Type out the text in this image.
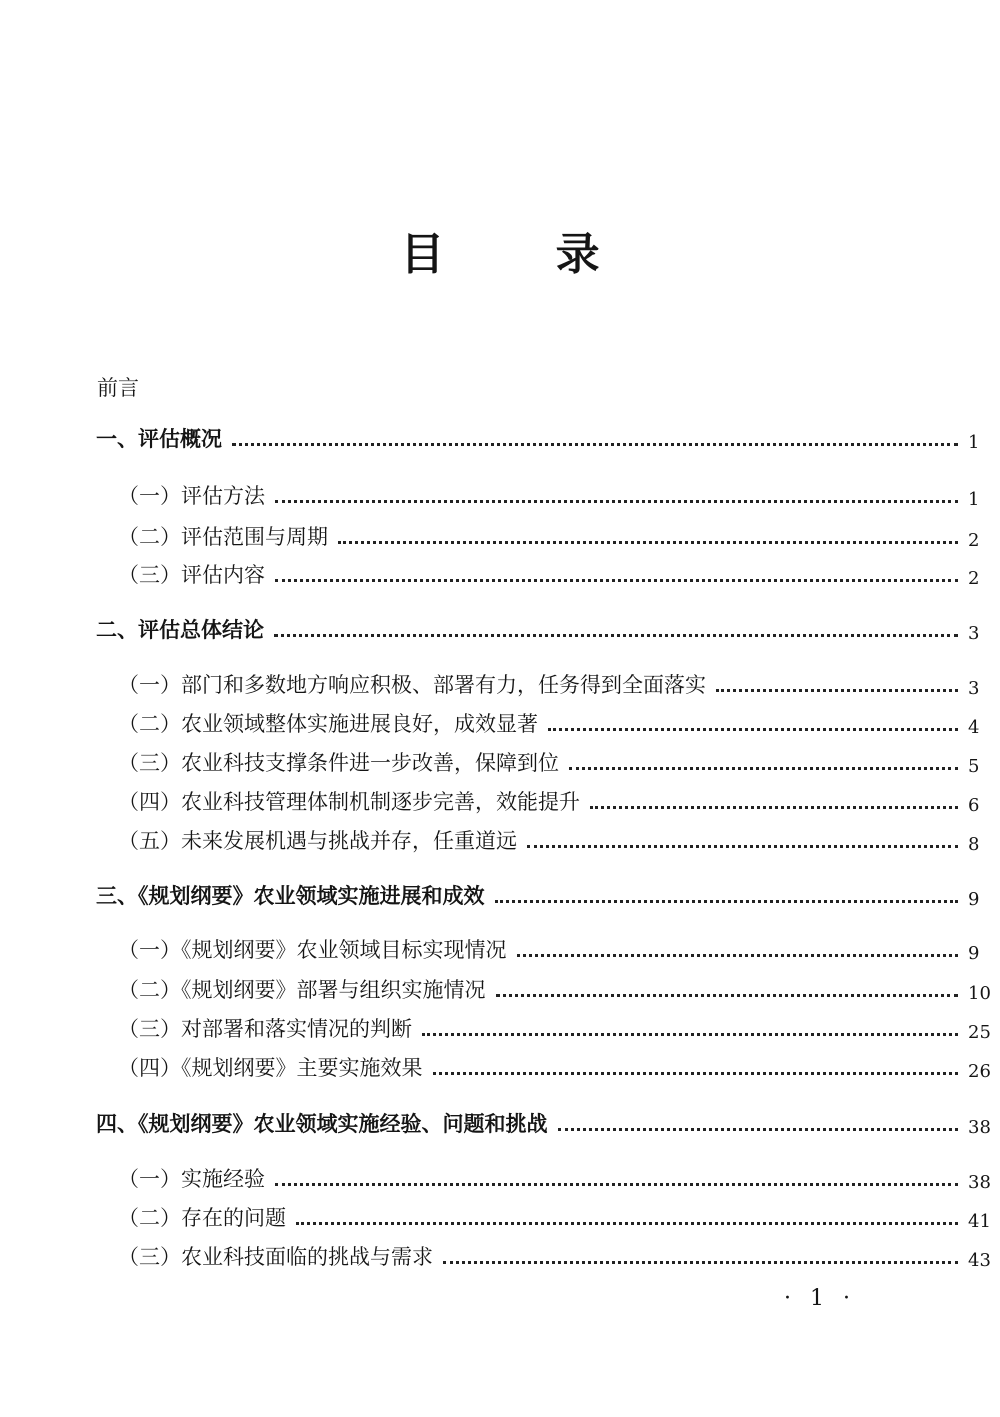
目 录
前言
一、评估概况	1
（一）评估方法	1
（二）评估范围与周期	2
（三）评估内容	2
二、评估总体结论	3
（一）部门和多数地方响应积极、部署有力，任务得到全面落实	3
（二）农业领域整体实施进展良好，成效显著	4
（三）农业科技支撑条件进一步改善，保障到位	5
（四）农业科技管理体制机制逐步完善，效能提升	6
（五）未来发展机遇与挑战并存，任重道远	8
三、《规划纲要》农业领域实施进展和成效	9
（一）《规划纲要》农业领域目标实现情况	9
（二）《规划纲要》部署与组织实施情况	10
（三）对部署和落实情况的判断	25
（四）《规划纲要》主要实施效果	26
四、《规划纲要》农业领域实施经验、问题和挑战	38
（一）实施经验	38
（二）存在的问题	41
（三）农业科技面临的挑战与需求	43
· 1 ·
